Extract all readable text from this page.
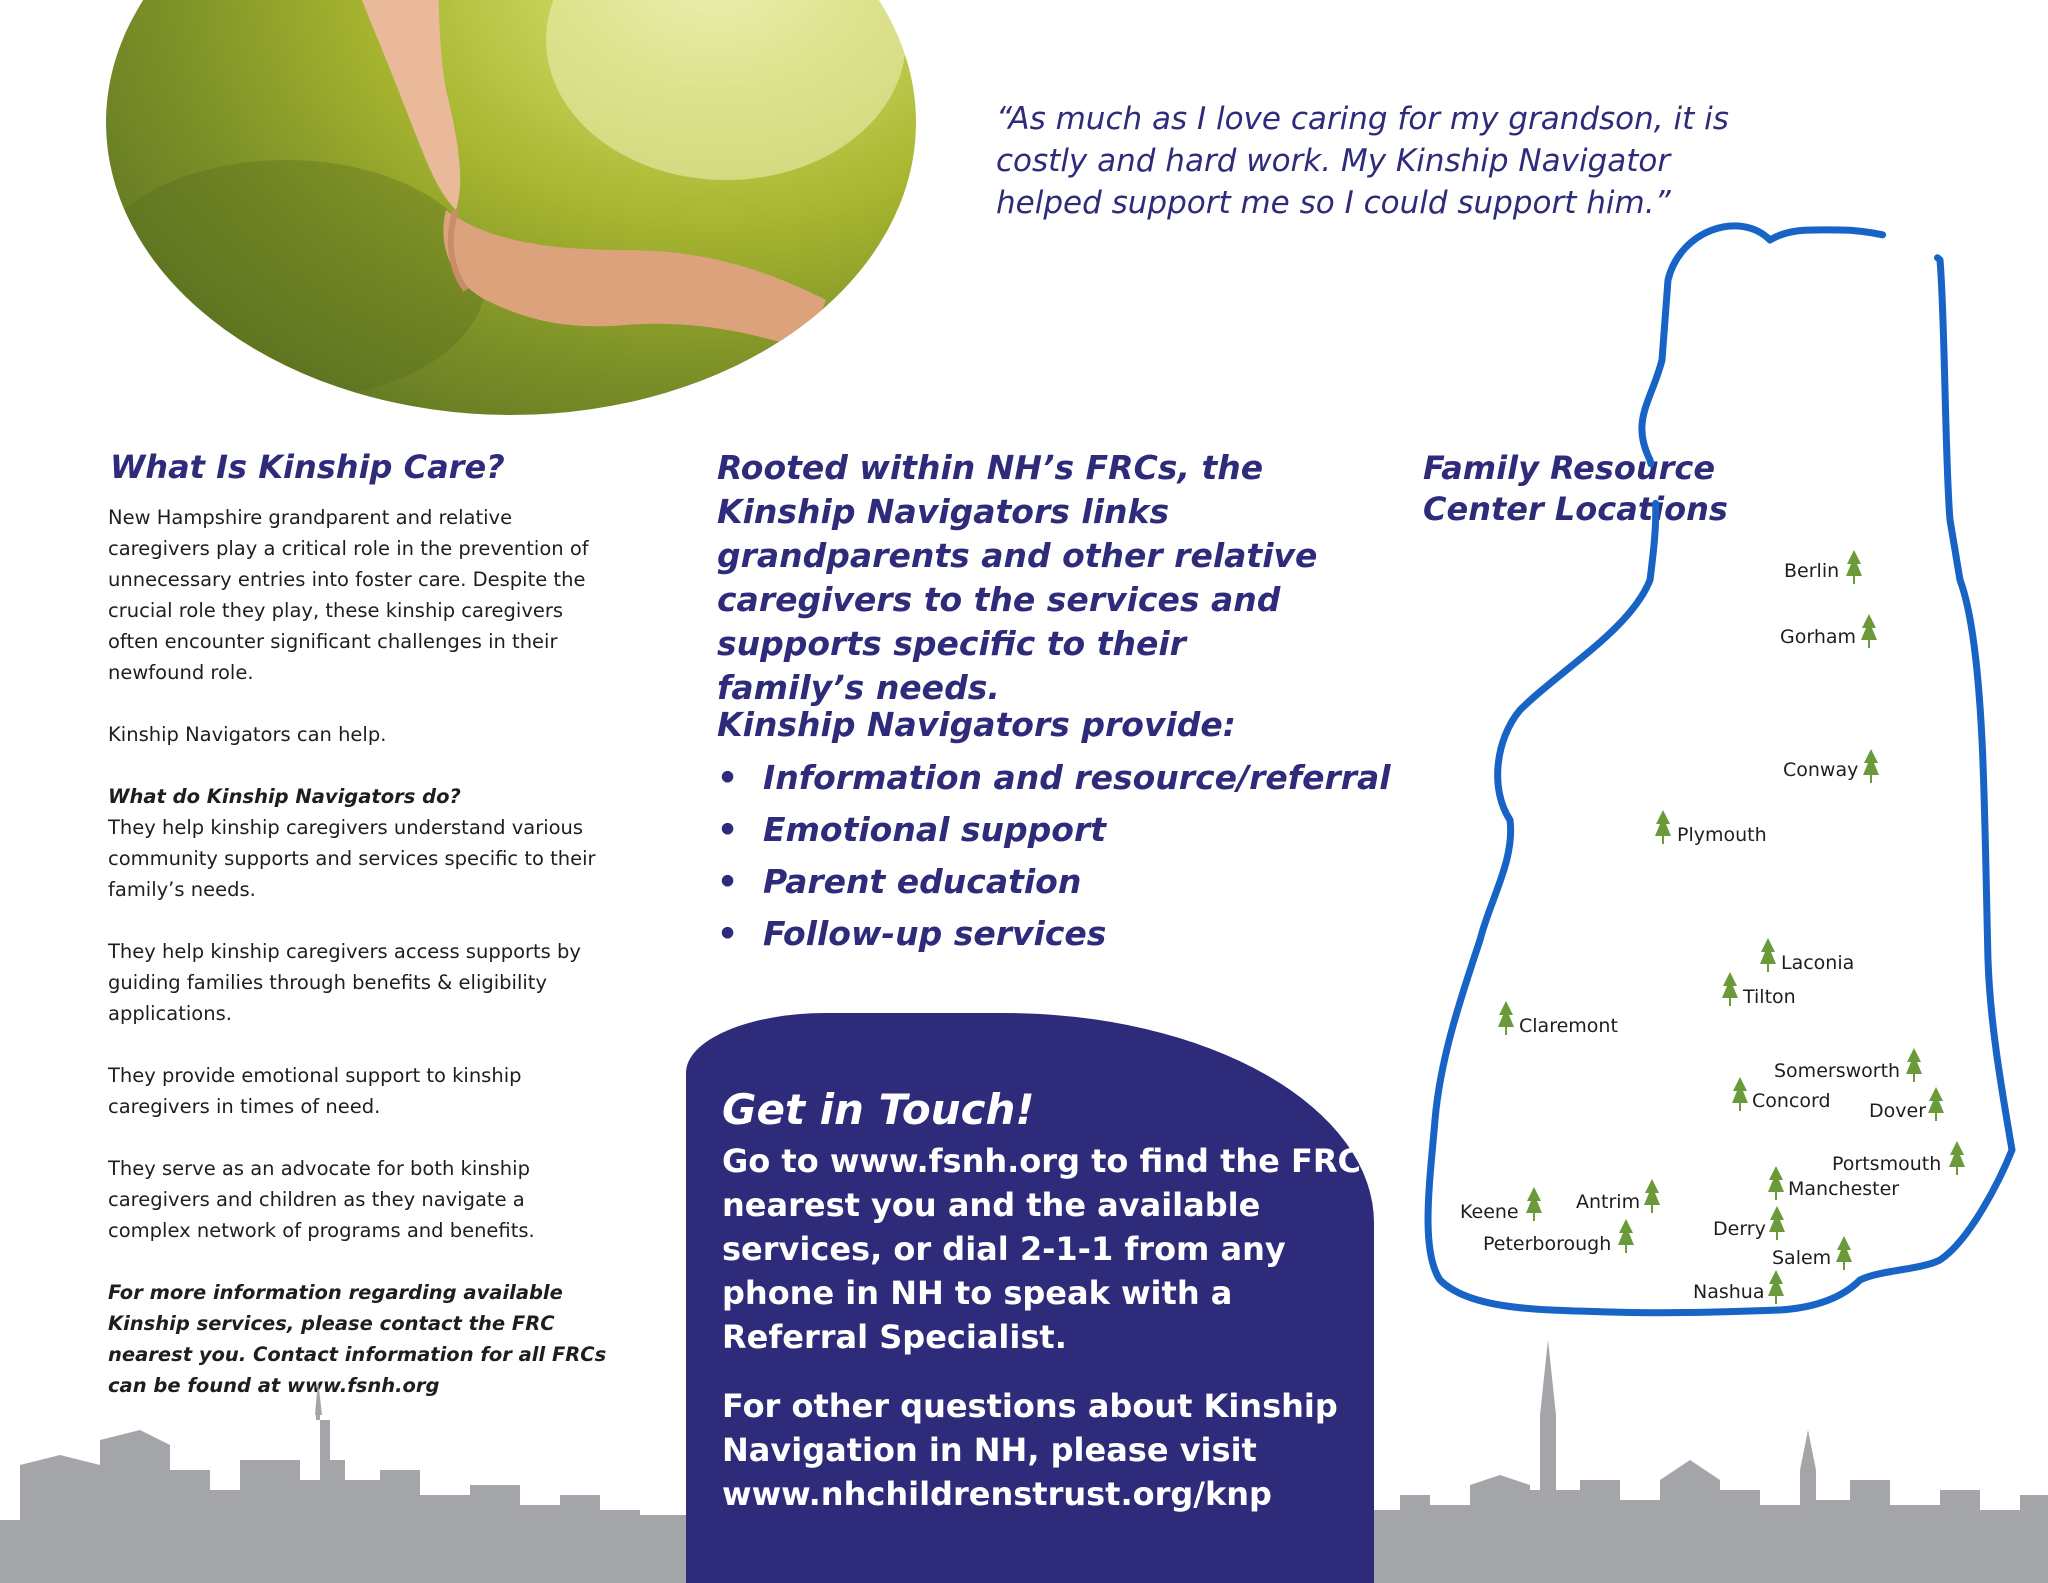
“As much as I love caring for my grandson, it is costly and hard work. My Kinship Navigator helped support me so I could support him.”
What Is Kinship Care?

New Hampshire grandparent and relative caregivers play a critical role in the prevention of unnecessary entries into foster care. Despite the crucial role they play, these kinship caregivers often encounter significant challenges in their newfound role.

Kinship Navigators can help.

What do Kinship Navigators do?

They help kinship caregivers understand various community supports and services specific to their family’s needs.

They help kinship caregivers access supports by guiding families through benefits & eligibility applications.

They provide emotional support to kinship caregivers in times of need.

They serve as an advocate for both kinship caregivers and children as they navigate a complex network of programs and benefits.

For more information regarding available Kinship services, please contact the FRC nearest you. Contact information for all FRCs can be found at www.fsnh.org

Rooted within NH’s FRCs, the Kinship Navigators links grandparents and other relative caregivers to the services and supports specific to their family’s needs.
Kinship Navigators provide:
• Information and resource/referral
• Emotional support
• Parent education
• Follow-up services
Get in Touch!

Go to www.fsnh.org to find the FRC nearest you and the available services, or dial 2-1-1 from any phone in NH to speak with a Referral Specialist.

For other questions about Kinship Navigation in NH, please visit www.nhchildrenstrust.org/knp

Family Resource Center Locations
Berlin
Gorham
Conway
Plymouth
Laconia
Tilton
Claremont
Somersworth
Concord Dover
Portsmouth
Manchester
Keene	Antrim
Derry
Peterborough
Salem
Nashua
